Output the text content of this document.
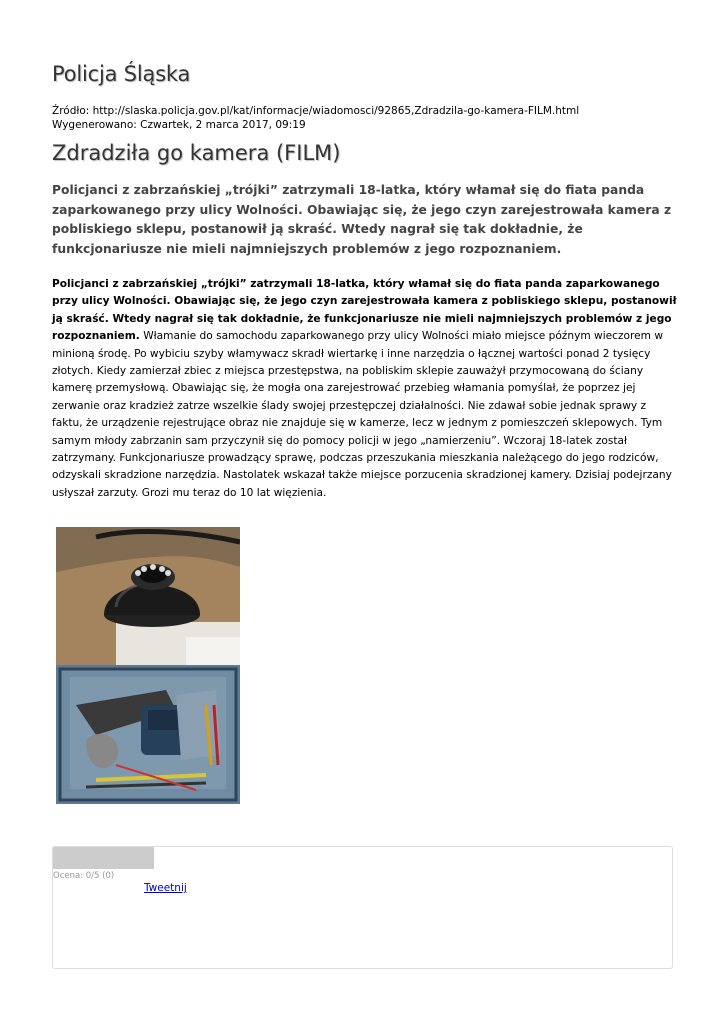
Policja Śląska
Źródło: http://slaska.policja.gov.pl/kat/informacje/wiadomosci/92865,Zdradzila-go-kamera-FILM.html
Wygenerowano: Czwartek, 2 marca 2017, 09:19
Zdradziła go kamera (FILM)
Policjanci z zabrzańskiej „trójki” zatrzymali 18-latka, który włamał się do fiata panda zaparkowanego przy ulicy Wolności. Obawiając się, że jego czyn zarejestrowała kamera z pobliskiego sklepu, postanowił ją skraść. Wtedy nagrał się tak dokładnie, że funkcjonariusze nie mieli najmniejszych problemów z jego rozpoznaniem.
Policjanci z zabrzańskiej „trójki” zatrzymali 18-latka, który włamał się do fiata panda zaparkowanego przy ulicy Wolności. Obawiając się, że jego czyn zarejestrowała kamera z pobliskiego sklepu, postanowił ją skraść. Wtedy nagrał się tak dokładnie, że funkcjonariusze nie mieli najmniejszych problemów z jego rozpoznaniem. Włamanie do samochodu zaparkowanego przy ulicy Wolności miało miejsce późnym wieczorem w minioną środę. Po wybiciu szyby włamywacz skradł wiertarkę i inne narzędzia o łącznej wartości ponad 2 tysięcy złotych. Kiedy zamierzał zbiec z miejsca przestępstwa, na pobliskim sklepie zauważył przymocowaną do ściany kamerę przemysłową. Obawiając się, że mogła ona zarejestrować przebieg włamania pomyślał, że poprzez jej zerwanie oraz kradzież zatrze wszelkie ślady swojej przestępczej działalności. Nie zdawał sobie jednak sprawy z faktu, że urządzenie rejestrujące obraz nie znajduje się w kamerze, lecz w jednym z pomieszczeń sklepowych. Tym samym młody zabrzanin sam przyczynił się do pomocy policji w jego „namierzeniu”. Wczoraj 18-latek został zatrzymany. Funkcjonariusze prowadzący sprawę, podczas przeszukania mieszkania należącego do jego rodziców, odzyskali skradzione narzędzia. Nastolatek wskazał także miejsce porzucenia skradzionej kamery. Dzisiaj podejrzany usłyszał zarzuty. Grozi mu teraz do 10 lat więzienia.
Ocena: 0/5 (0)
Tweetnij
